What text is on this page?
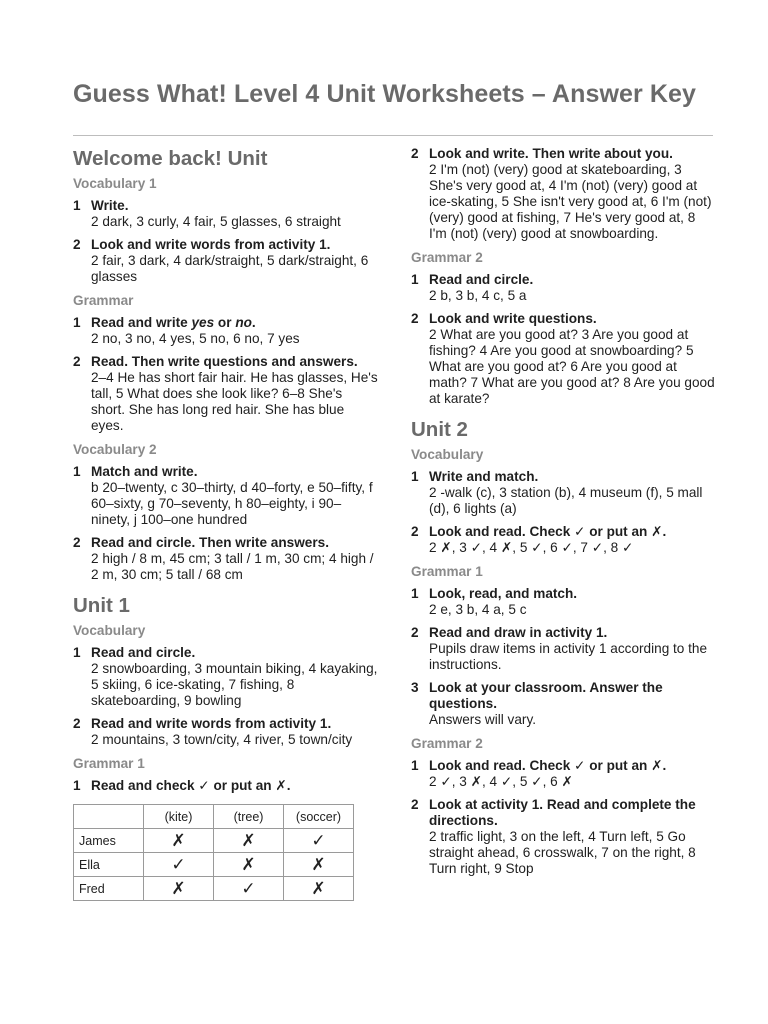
Guess What! Level 4 Unit Worksheets – Answer Key
Welcome back! Unit
Vocabulary 1
1 Write.
2 dark, 3 curly, 4 fair, 5 glasses, 6 straight
2 Look and write words from activity 1.
2 fair, 3 dark, 4 dark/straight, 5 dark/straight, 6 glasses
Grammar
1 Read and write yes or no.
2 no, 3 no, 4 yes, 5 no, 6 no, 7 yes
2 Read. Then write questions and answers.
2–4 He has short fair hair. He has glasses, He's tall, 5 What does she look like? 6–8 She's short. She has long red hair. She has blue eyes.
Vocabulary 2
1 Match and write.
b 20–twenty, c 30–thirty, d 40–forty, e 50–fifty, f 60–sixty, g 70–seventy, h 80–eighty, i 90–ninety, j 100–one hundred
2 Read and circle. Then write answers.
2 high / 8 m, 45 cm; 3 tall / 1 m, 30 cm; 4 high / 2 m, 30 cm; 5 tall / 68 cm
Unit 1
Vocabulary
1 Read and circle.
2 snowboarding, 3 mountain biking, 4 kayaking, 5 skiing, 6 ice-skating, 7 fishing, 8 skateboarding, 9 bowling
2 Read and write words from activity 1.
2 mountains, 3 town/city, 4 river, 5 town/city
Grammar 1
1 Read and check ✓ or put an ✗.
	(kite)	(tree)	(soccer)
James	✗	✗	✓
Ella	✓	✗	✗
Fred	✗	✓	✗
2 Look and write. Then write about you.
2 I'm (not) (very) good at skateboarding, 3 She's very good at, 4 I'm (not) (very) good at ice-skating, 5 She isn't very good at, 6 I'm (not) (very) good at fishing, 7 He's very good at, 8 I'm (not) (very) good at snowboarding.
Grammar 2
1 Read and circle.
2 b, 3 b, 4 c, 5 a
2 Look and write questions.
2 What are you good at? 3 Are you good at fishing? 4 Are you good at snowboarding? 5 What are you good at? 6 Are you good at math? 7 What are you good at? 8 Are you good at karate?
Unit 2
Vocabulary
1 Write and match.
2 -walk (c), 3 station (b), 4 museum (f), 5 mall (d), 6 lights (a)
2 Look and read. Check ✓ or put an ✗.
2 ✗, 3 ✓, 4 ✗, 5 ✓, 6 ✓, 7 ✓, 8 ✓
Grammar 1
1 Look, read, and match.
2 e, 3 b, 4 a, 5 c
2 Read and draw in activity 1.
Pupils draw items in activity 1 according to the instructions.
3 Look at your classroom. Answer the questions.
Answers will vary.
Grammar 2
1 Look and read. Check ✓ or put an ✗.
2 ✓, 3 ✗, 4 ✓, 5 ✓, 6 ✗
2 Look at activity 1. Read and complete the directions.
2 traffic light, 3 on the left, 4 Turn left, 5 Go straight ahead, 6 crosswalk, 7 on the right, 8 Turn right, 9 Stop
